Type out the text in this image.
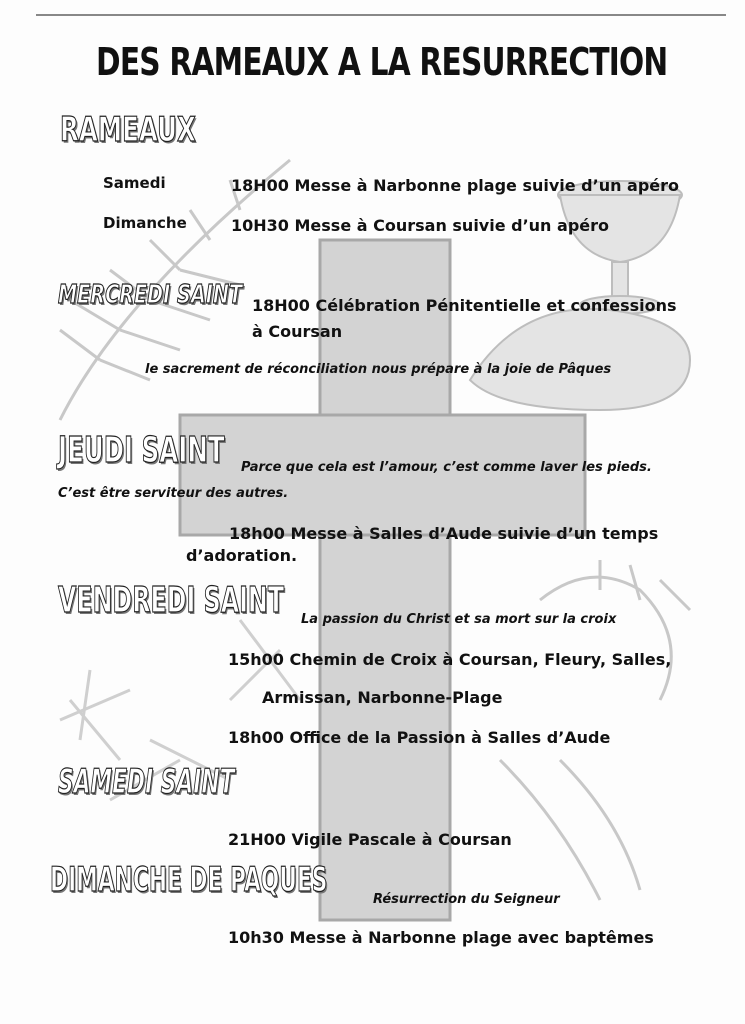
DES RAMEAUX A LA RESURRECTION
RAMEAUX
Samedi	18H00 Messe à Narbonne plage suivie d’un apéro
Dimanche	10H30 Messe à Coursan suivie d’un apéro
MERCREDI SAINT 18H00 Célébration Pénitentielle et confessions
à Coursan
le sacrement de réconciliation nous prépare à la joie de Pâques
JEUDI SAINT Parce que cela est l’amour, c’est comme laver les pieds.
C’est être serviteur des autres.
18h00 Messe à Salles d’Aude suivie d’un temps
d’adoration.
VENDREDI SAINT La passion du Christ et sa mort sur la croix
15h00 Chemin de Croix à Coursan, Fleury, Salles,
Armissan, Narbonne-Plage
18h00 Office de la Passion à Salles d’Aude
SAMEDI SAINT
21H00 Vigile Pascale à Coursan
DIMANCHE DE PAQUES	Résurrection du Seigneur
10h30 Messe à Narbonne plage avec baptêmes
